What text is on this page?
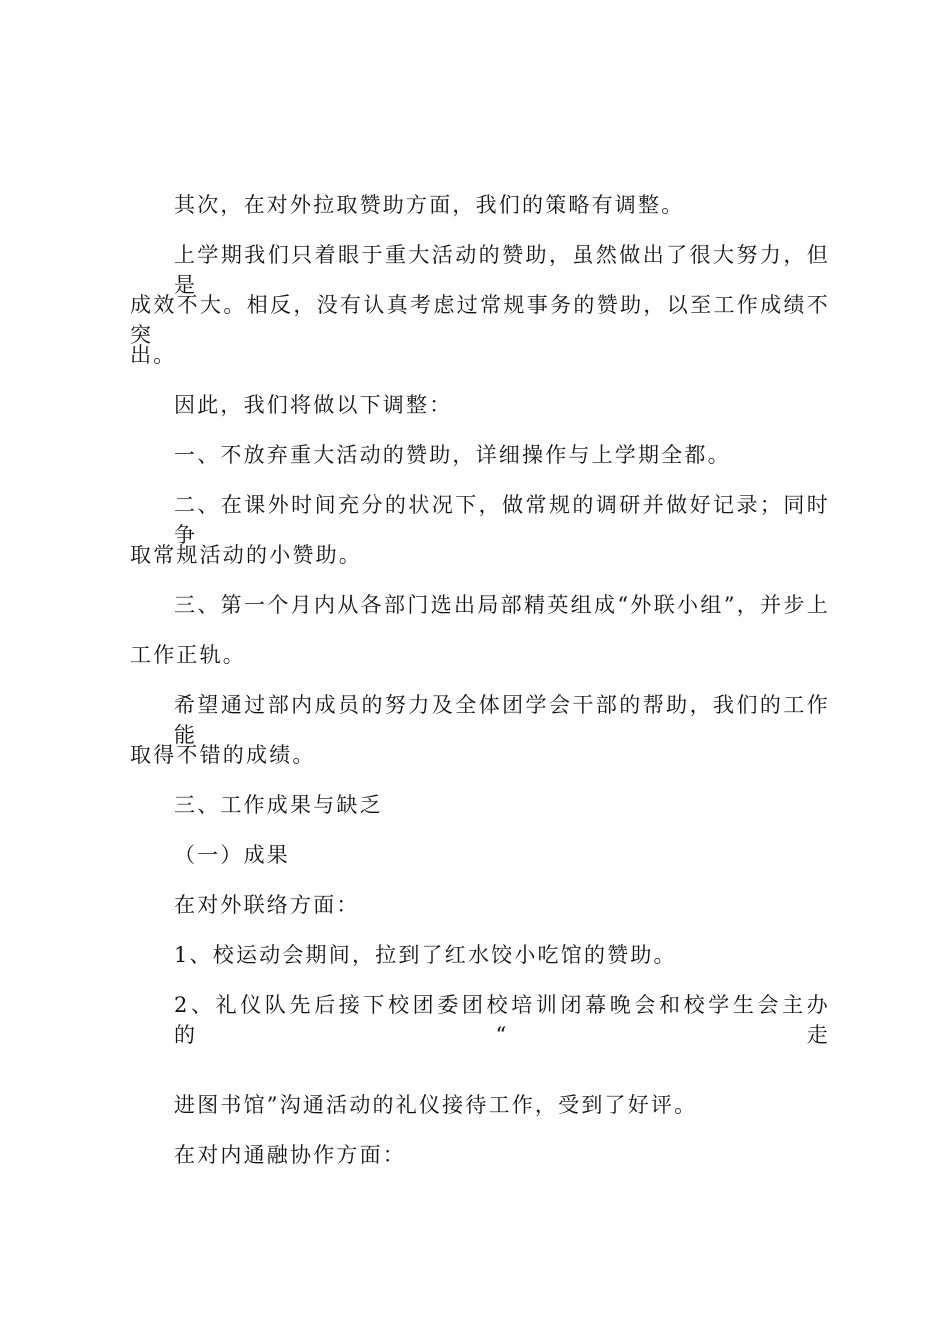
其次，在对外拉取赞助方面，我们的策略有调整。
上学期我们只着眼于重大活动的赞助，虽然做出了很大努力，但是
成效不大。相反，没有认真考虑过常规事务的赞助，以至工作成绩不突
出。
因此，我们将做以下调整：
一、不放弃重大活动的赞助，详细操作与上学期全都。
二、在课外时间充分的状况下，做常规的调研并做好记录；同时争
取常规活动的小赞助。
三、第一个月内从各部门选出局部精英组成“外联小组”，并步上
工作正轨。
希望通过部内成员的努力及全体团学会干部的帮助，我们的工作能
取得不错的成绩。
三、工作成果与缺乏
（一）成果
在对外联络方面：
1、校运动会期间，拉到了红水饺小吃馆的赞助。
2、礼仪队先后接下校团委团校培训闭幕晚会和校学生会主办的“走
进图书馆”沟通活动的礼仪接待工作，受到了好评。
在对内通融协作方面：
